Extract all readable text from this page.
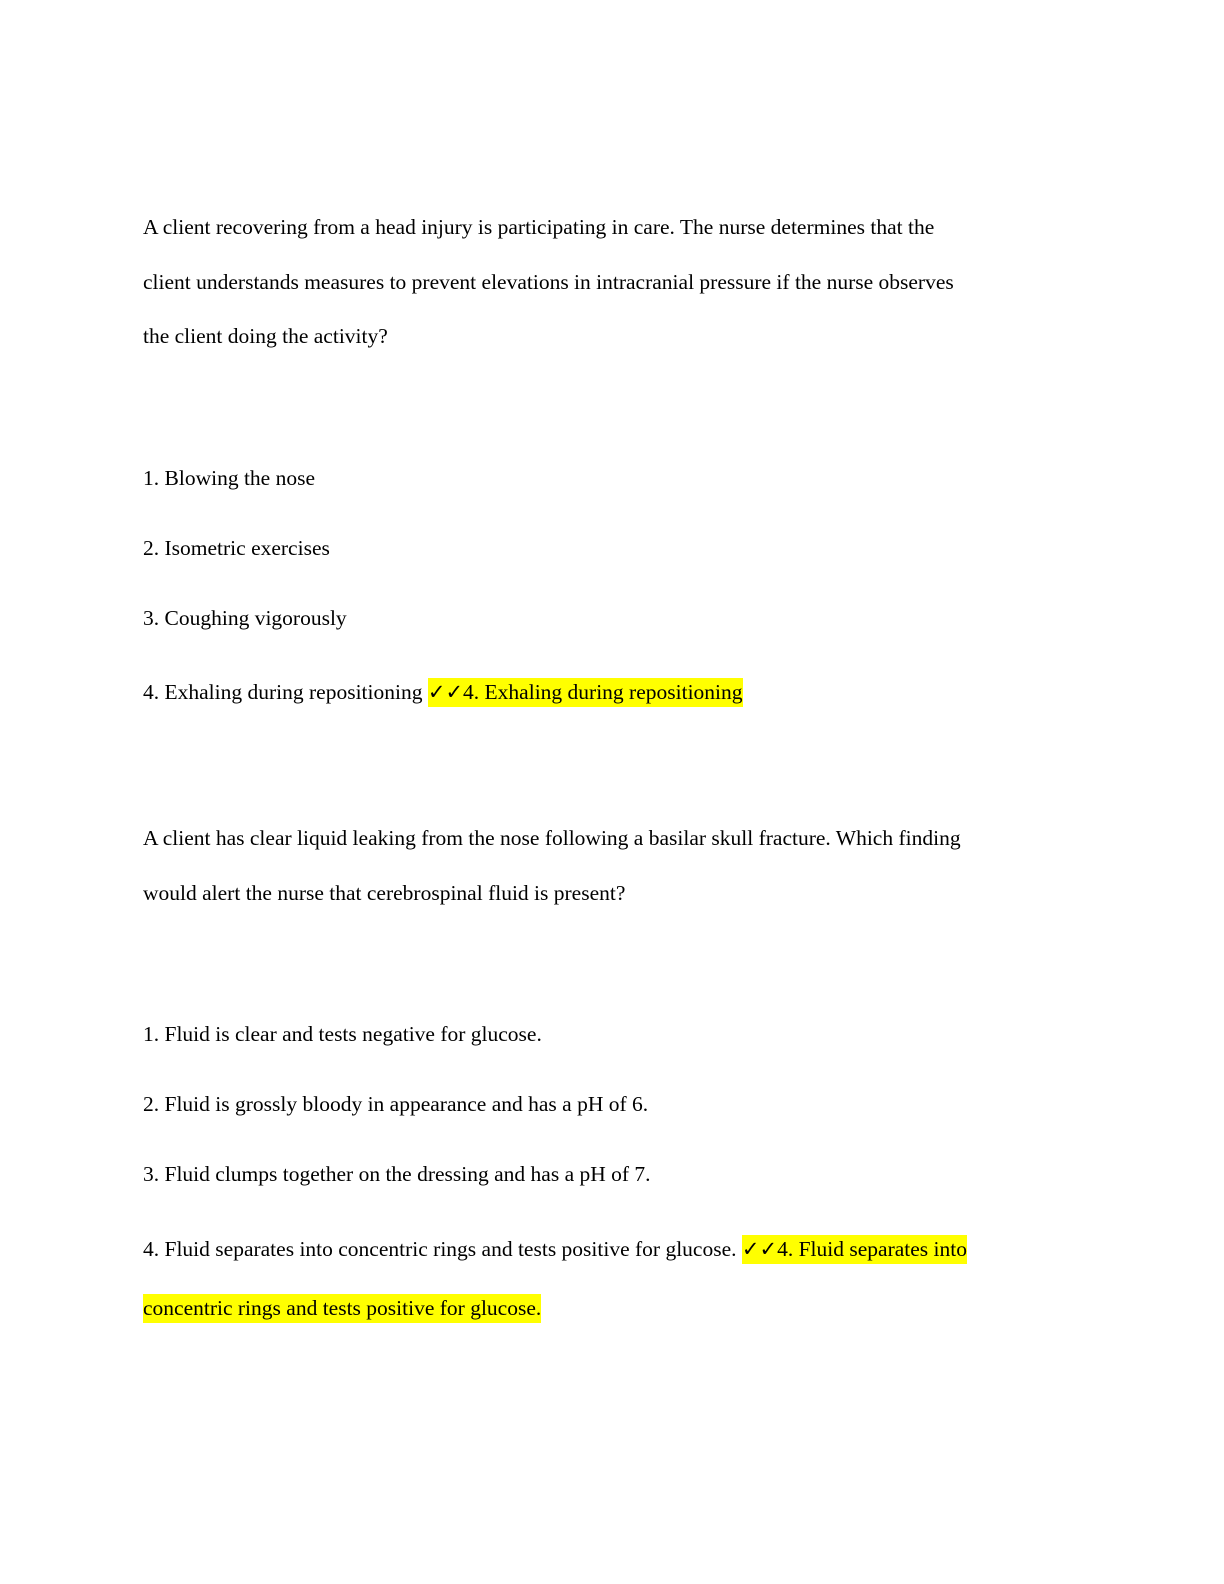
A client recovering from a head injury is participating in care. The nurse determines that the
client understands measures to prevent elevations in intracranial pressure if the nurse observes
the client doing the activity?
1. Blowing the nose
2. Isometric exercises
3. Coughing vigorously
4. Exhaling during repositioning ✓✓4. Exhaling during repositioning
A client has clear liquid leaking from the nose following a basilar skull fracture. Which finding
would alert the nurse that cerebrospinal fluid is present?
1. Fluid is clear and tests negative for glucose.
2. Fluid is grossly bloody in appearance and has a pH of 6.
3. Fluid clumps together on the dressing and has a pH of 7.
4. Fluid separates into concentric rings and tests positive for glucose. ✓✓4. Fluid separates into
concentric rings and tests positive for glucose.
